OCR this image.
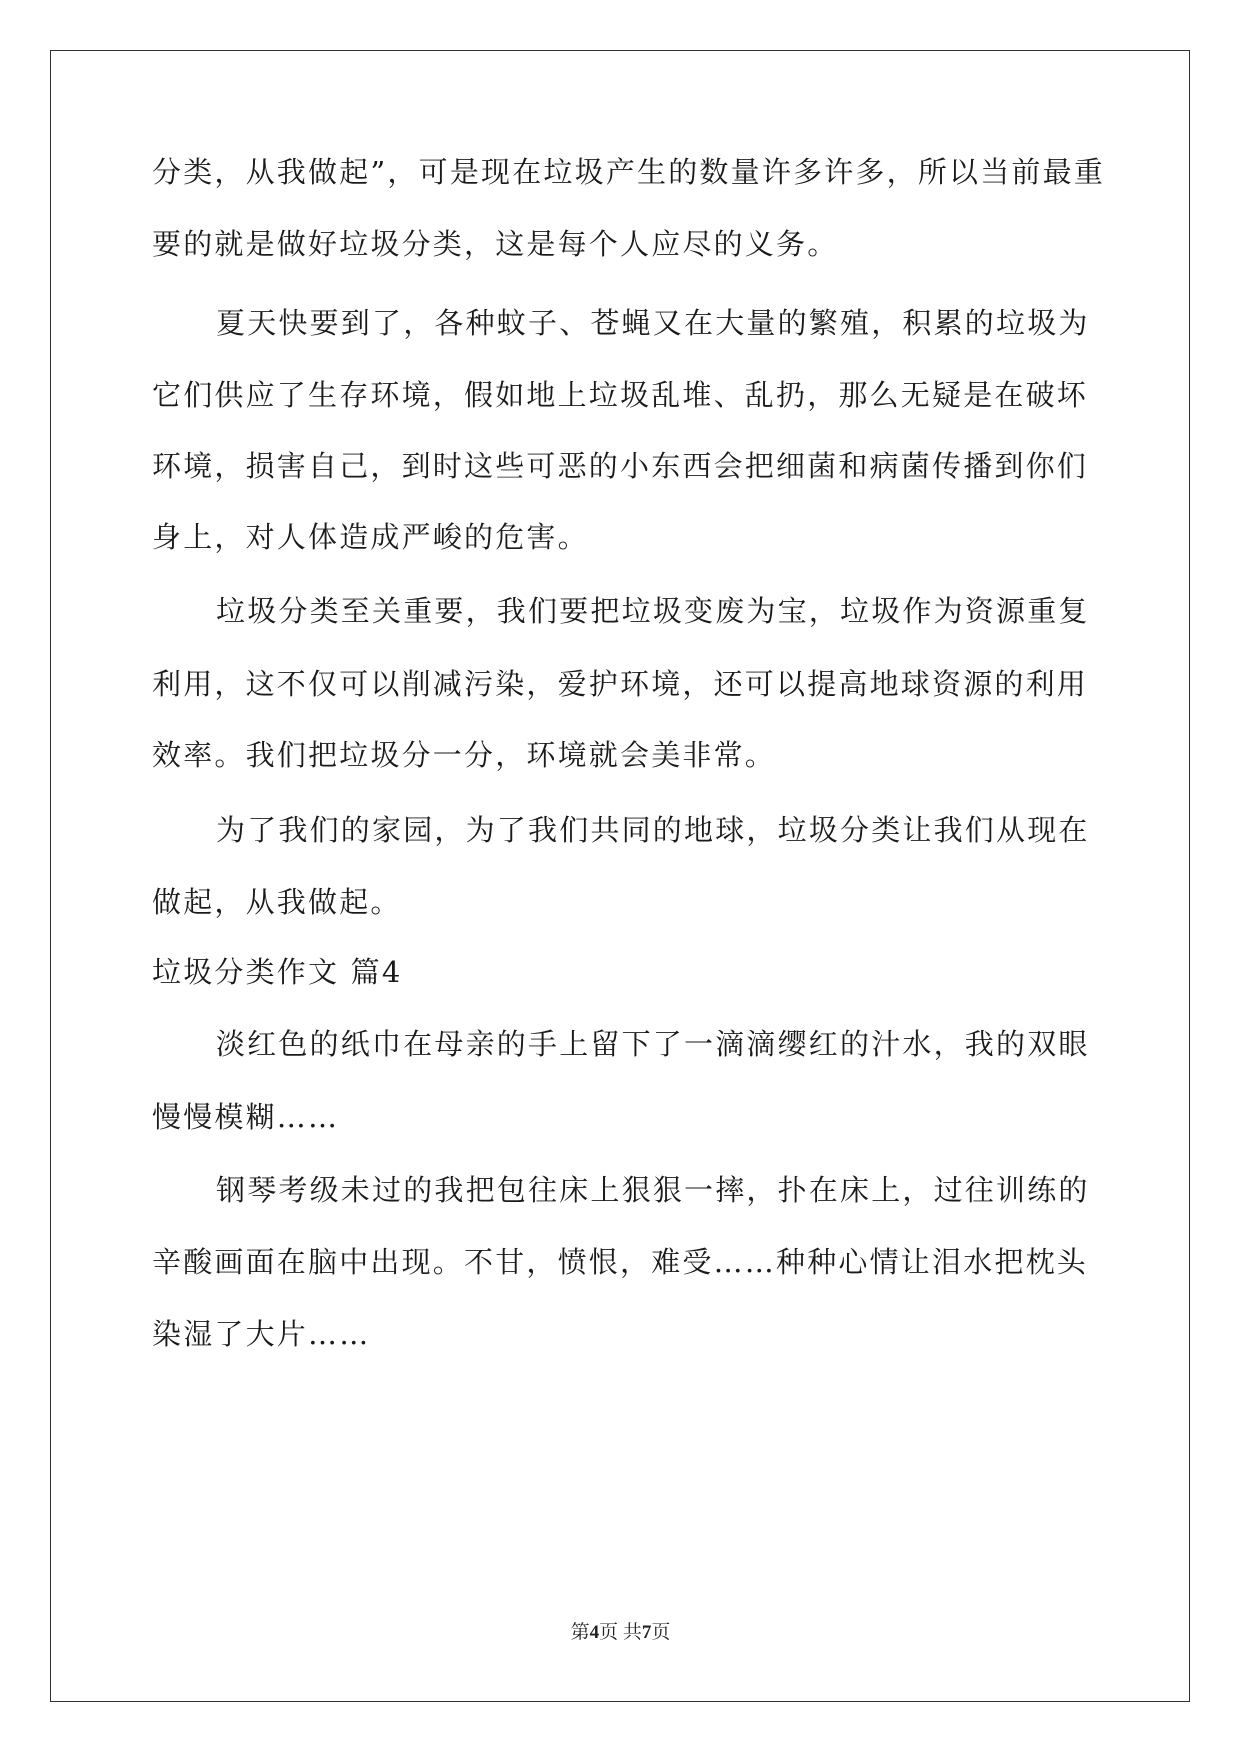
分类，从我做起”，可是现在垃圾产生的数量许多许多，所以当前最重
要的就是做好垃圾分类，这是每个人应尽的义务。
夏天快要到了，各种蚊子、苍蝇又在大量的繁殖，积累的垃圾为
它们供应了生存环境，假如地上垃圾乱堆、乱扔，那么无疑是在破坏
环境，损害自己，到时这些可恶的小东西会把细菌和病菌传播到你们
身上，对人体造成严峻的危害。
垃圾分类至关重要，我们要把垃圾变废为宝，垃圾作为资源重复
利用，这不仅可以削减污染，爱护环境，还可以提高地球资源的利用
效率。我们把垃圾分一分，环境就会美非常。
为了我们的家园，为了我们共同的地球，垃圾分类让我们从现在
做起，从我做起。
垃圾分类作文 篇4
淡红色的纸巾在母亲的手上留下了一滴滴缨红的汁水，我的双眼
慢慢模糊……
钢琴考级未过的我把包往床上狠狠一摔，扑在床上，过往训练的
辛酸画面在脑中出现。不甘，愤恨，难受……种种心情让泪水把枕头
染湿了大片……
第4页 共7页
